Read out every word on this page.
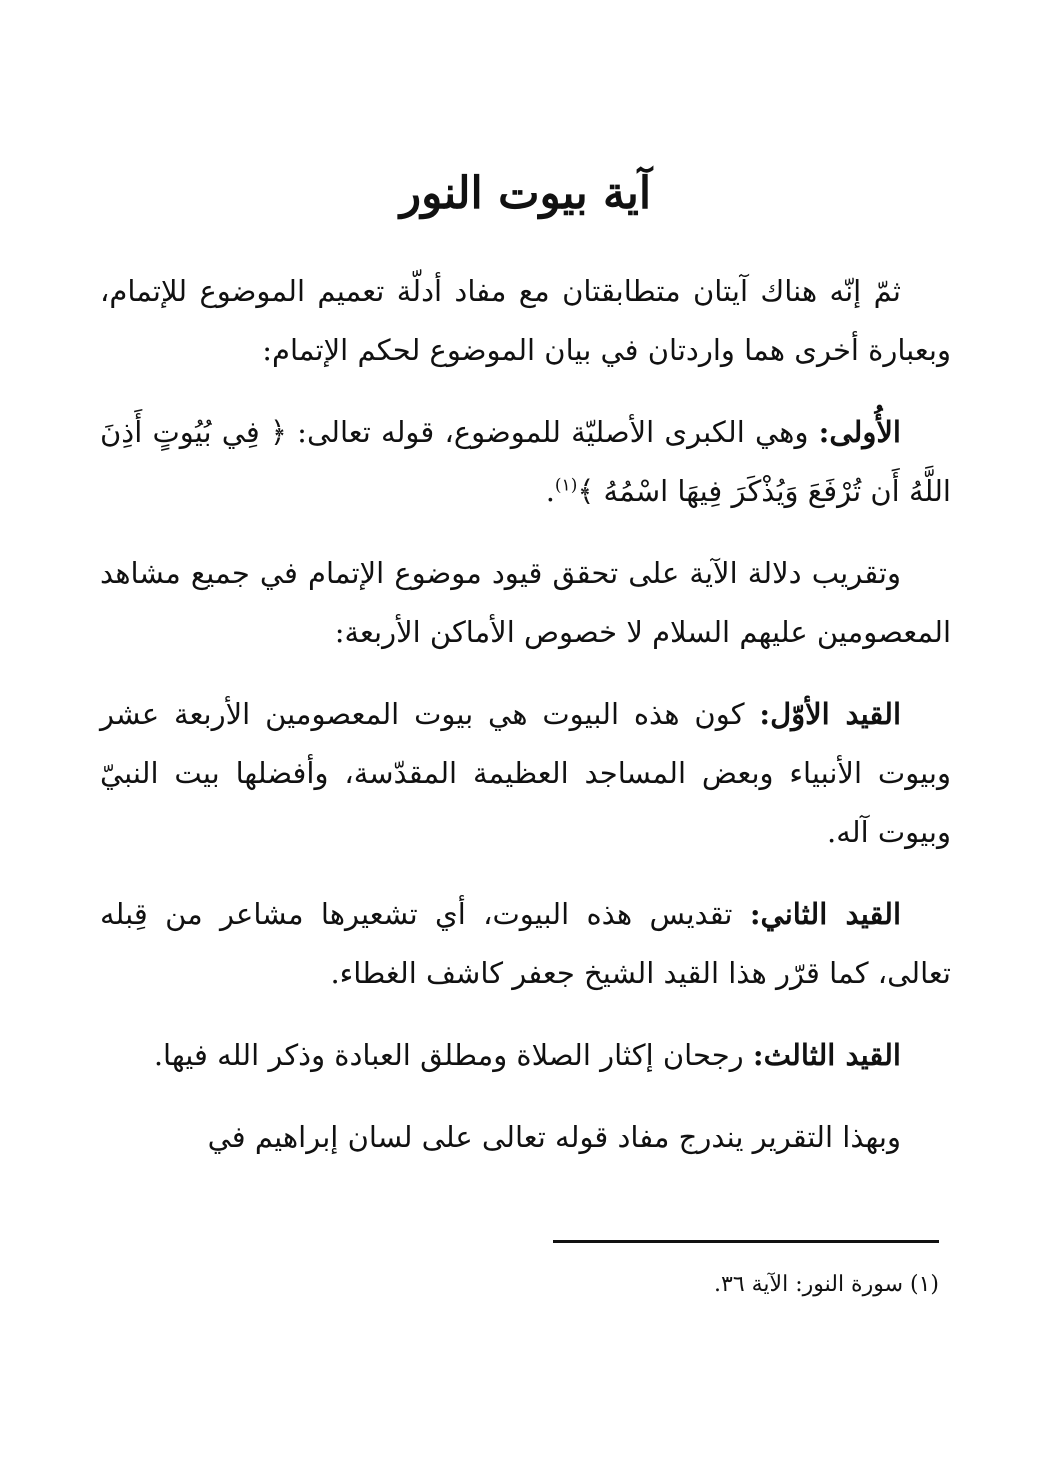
آية بيوت النور

ثمّ إنّه هناك آيتان متطابقتان مع مفاد أدلّة تعميم الموضوع للإتمام، وبعبارة أخرى هما واردتان في بيان الموضوع لحكم الإتمام:

الأُولى: وهي الكبرى الأصليّة للموضوع، قوله تعالى: ﴿ فِي بُيُوتٍ أَذِنَ اللَّهُ أَن تُرْفَعَ وَيُذْكَرَ فِيهَا اسْمُهُ ﴾$^{(١)}$.

وتقريب دلالة الآية على تحقق قيود موضوع الإتمام في جميع مشاهد المعصومين عليهم السلام لا خصوص الأماكن الأربعة:

القيد الأوّل: كون هذه البيوت هي بيوت المعصومين الأربعة عشر وبيوت الأنبياء وبعض المساجد العظيمة المقدّسة، وأفضلها بيت النبيّ وبيوت آله.

القيد الثاني: تقديس هذه البيوت، أي تشعيرها مشاعر من قِبله تعالى، كما قرّر هذا القيد الشيخ جعفر كاشف الغطاء.

القيد الثالث: رجحان إكثار الصلاة ومطلق العبادة وذكر الله فيها.

وبهذا التقرير يندرج مفاد قوله تعالى على لسان إبراهيم في

(١) سورة النور: الآية ٣٦.
